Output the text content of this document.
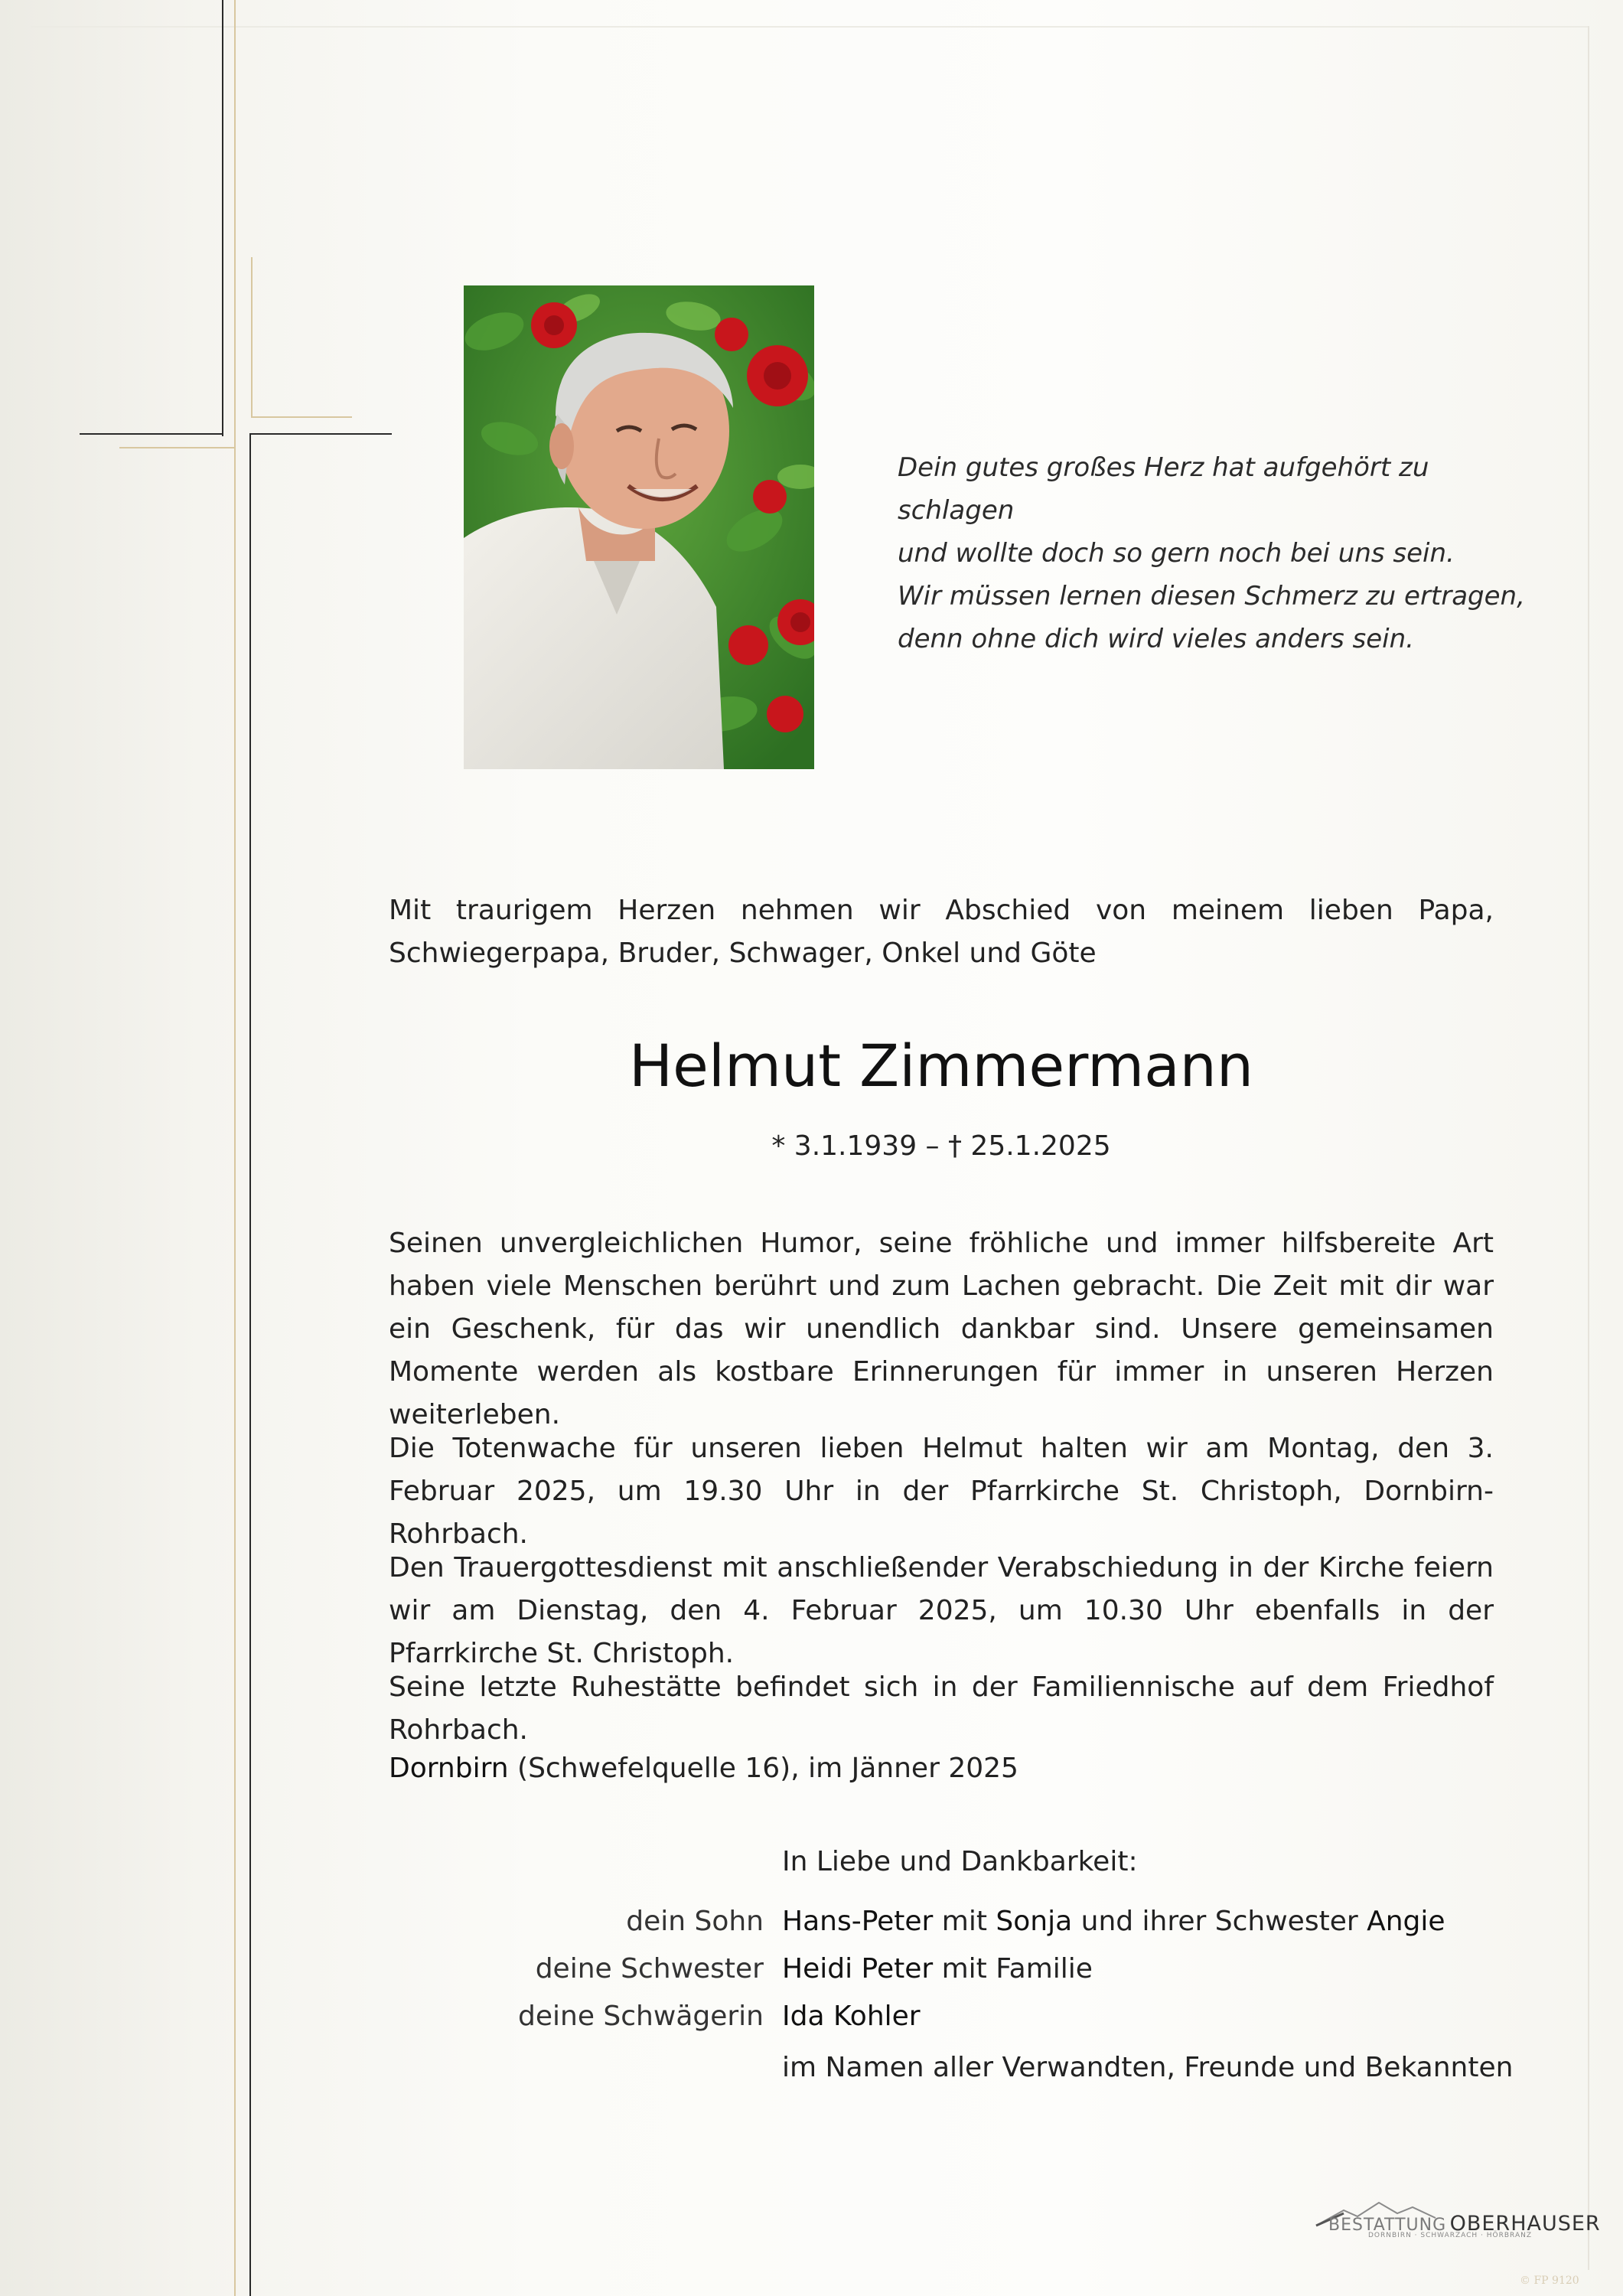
Dein gutes großes Herz hat aufgehört zu schlagen
und wollte doch so gern noch bei uns sein.
Wir müssen lernen diesen Schmerz zu ertragen,
denn ohne dich wird vieles anders sein.
Mit traurigem Herzen nehmen wir Abschied von meinem lieben Papa, Schwiegerpapa, Bruder, Schwager, Onkel und Göte
Helmut Zimmermann
* 3.1.1939 – † 25.1.2025
Seinen unvergleichlichen Humor, seine fröhliche und immer hilfsbereite Art haben viele Menschen berührt und zum Lachen gebracht. Die Zeit mit dir war ein Geschenk, für das wir unendlich dankbar sind. Unsere gemeinsamen Momente werden als kostbare Erinnerungen für immer in unseren Herzen weiterleben.
Die Totenwache für unseren lieben Helmut halten wir am Montag, den 3. Februar 2025, um 19.30 Uhr in der Pfarrkirche St. Christoph, Dornbirn-Rohrbach.
Den Trauergottesdienst mit anschließender Verabschiedung in der Kirche feiern wir am Dienstag, den 4. Februar 2025, um 10.30 Uhr ebenfalls in der Pfarrkirche St. Christoph.
Seine letzte Ruhestätte befindet sich in der Familiennische auf dem Friedhof Rohrbach.
Dornbirn (Schwefelquelle 16), im Jänner 2025
In Liebe und Dankbarkeit:
dein Sohn Hans-Peter mit Sonja und ihrer Schwester Angie
deine Schwester Heidi Peter mit Familie
deine Schwägerin Ida Kohler
im Namen aller Verwandten, Freunde und Bekannten
BESTATTUNG OBERHAUSER
DORNBIRN · SCHWARZACH · HÖRBRANZ
© FP 9120
